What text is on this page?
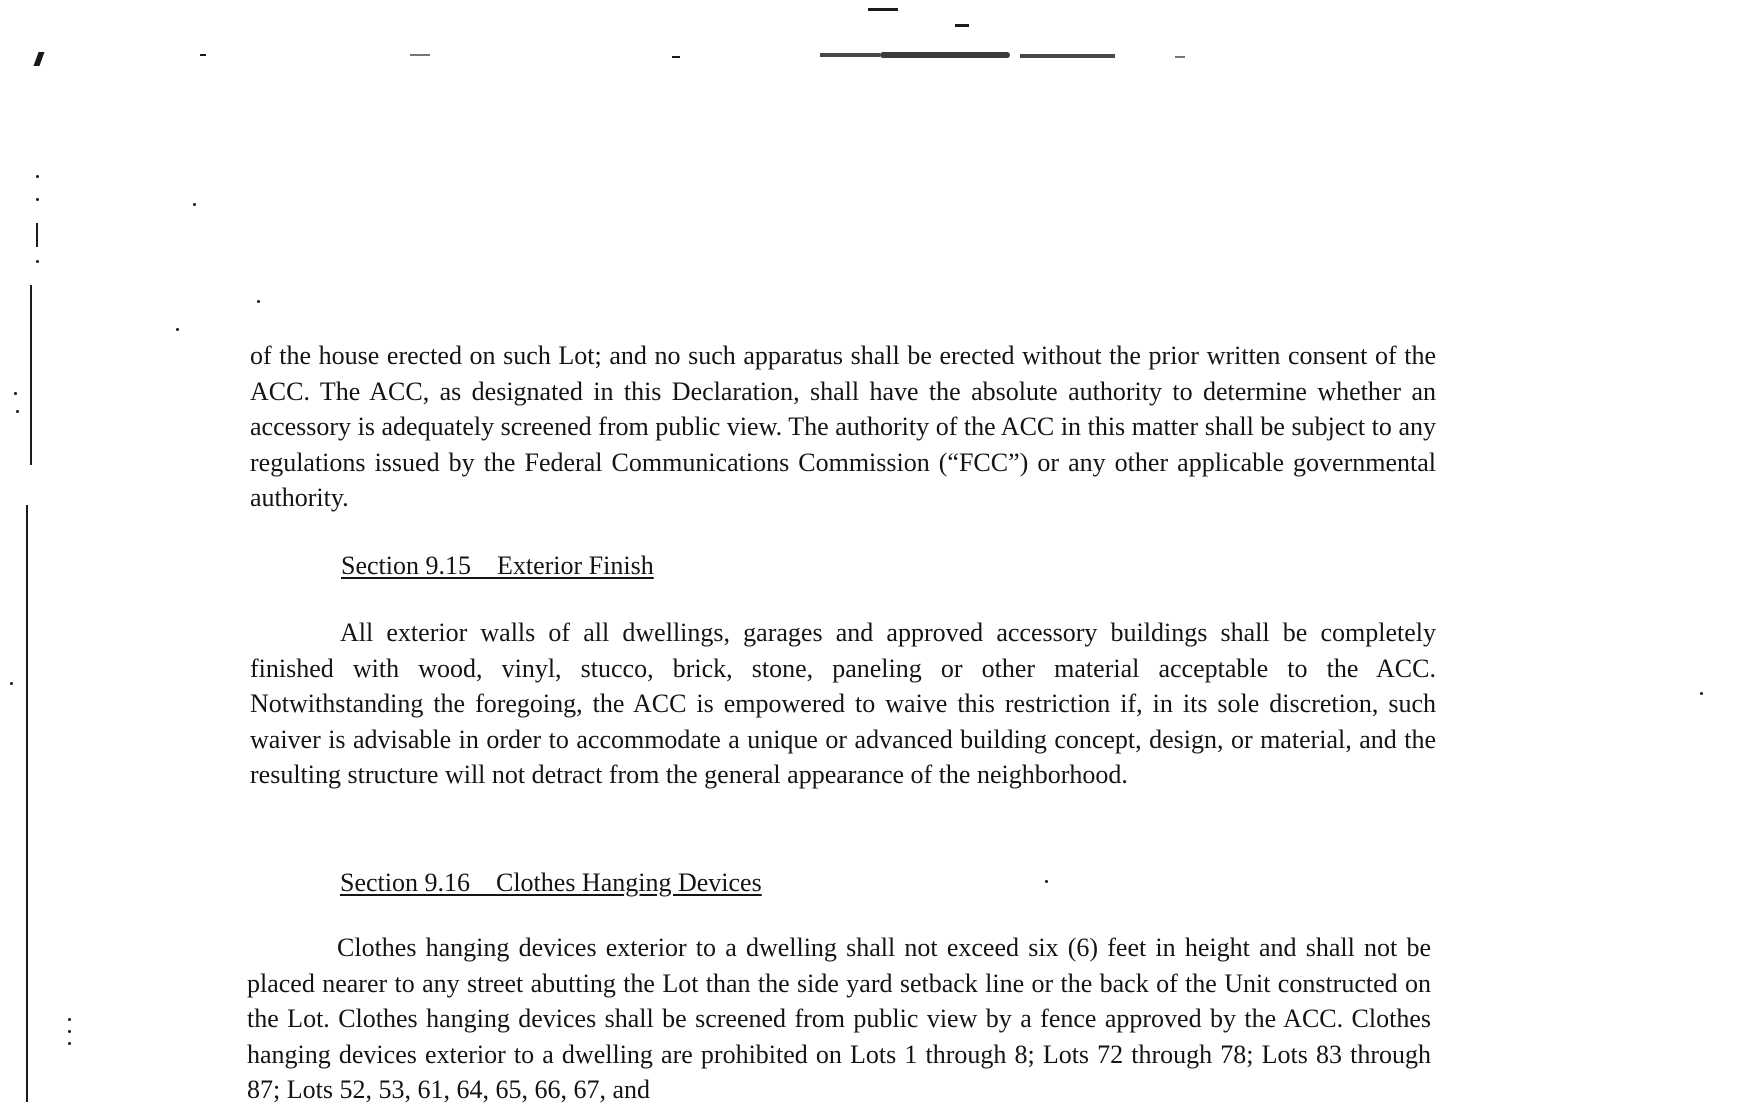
of the house erected on such Lot; and no such apparatus shall be erected without the prior written consent of the ACC. The ACC, as designated in this Declaration, shall have the absolute authority to determine whether an accessory is adequately screened from public view. The authority of the ACC in this matter shall be subject to any regulations issued by the Federal Communications Commission (“FCC”) or any other applicable governmental authority.

Section 9.15    Exterior Finish

All exterior walls of all dwellings, garages and approved accessory buildings shall be completely finished with wood, vinyl, stucco, brick, stone, paneling or other material acceptable to the ACC. Notwithstanding the foregoing, the ACC is empowered to waive this restriction if, in its sole discretion, such waiver is advisable in order to accommodate a unique or advanced building concept, design, or material, and the resulting structure will not detract from the general appearance of the neighborhood.

Section 9.16    Clothes Hanging Devices

Clothes hanging devices exterior to a dwelling shall not exceed six (6) feet in height and shall not be placed nearer to any street abutting the Lot than the side yard setback line or the back of the Unit constructed on the Lot. Clothes hanging devices shall be screened from public view by a fence approved by the ACC. Clothes hanging devices exterior to a dwelling are prohibited on Lots 1 through 8; Lots 72 through 78; Lots 83 through 87; Lots 52, 53, 61, 64, 65, 66, 67, and
